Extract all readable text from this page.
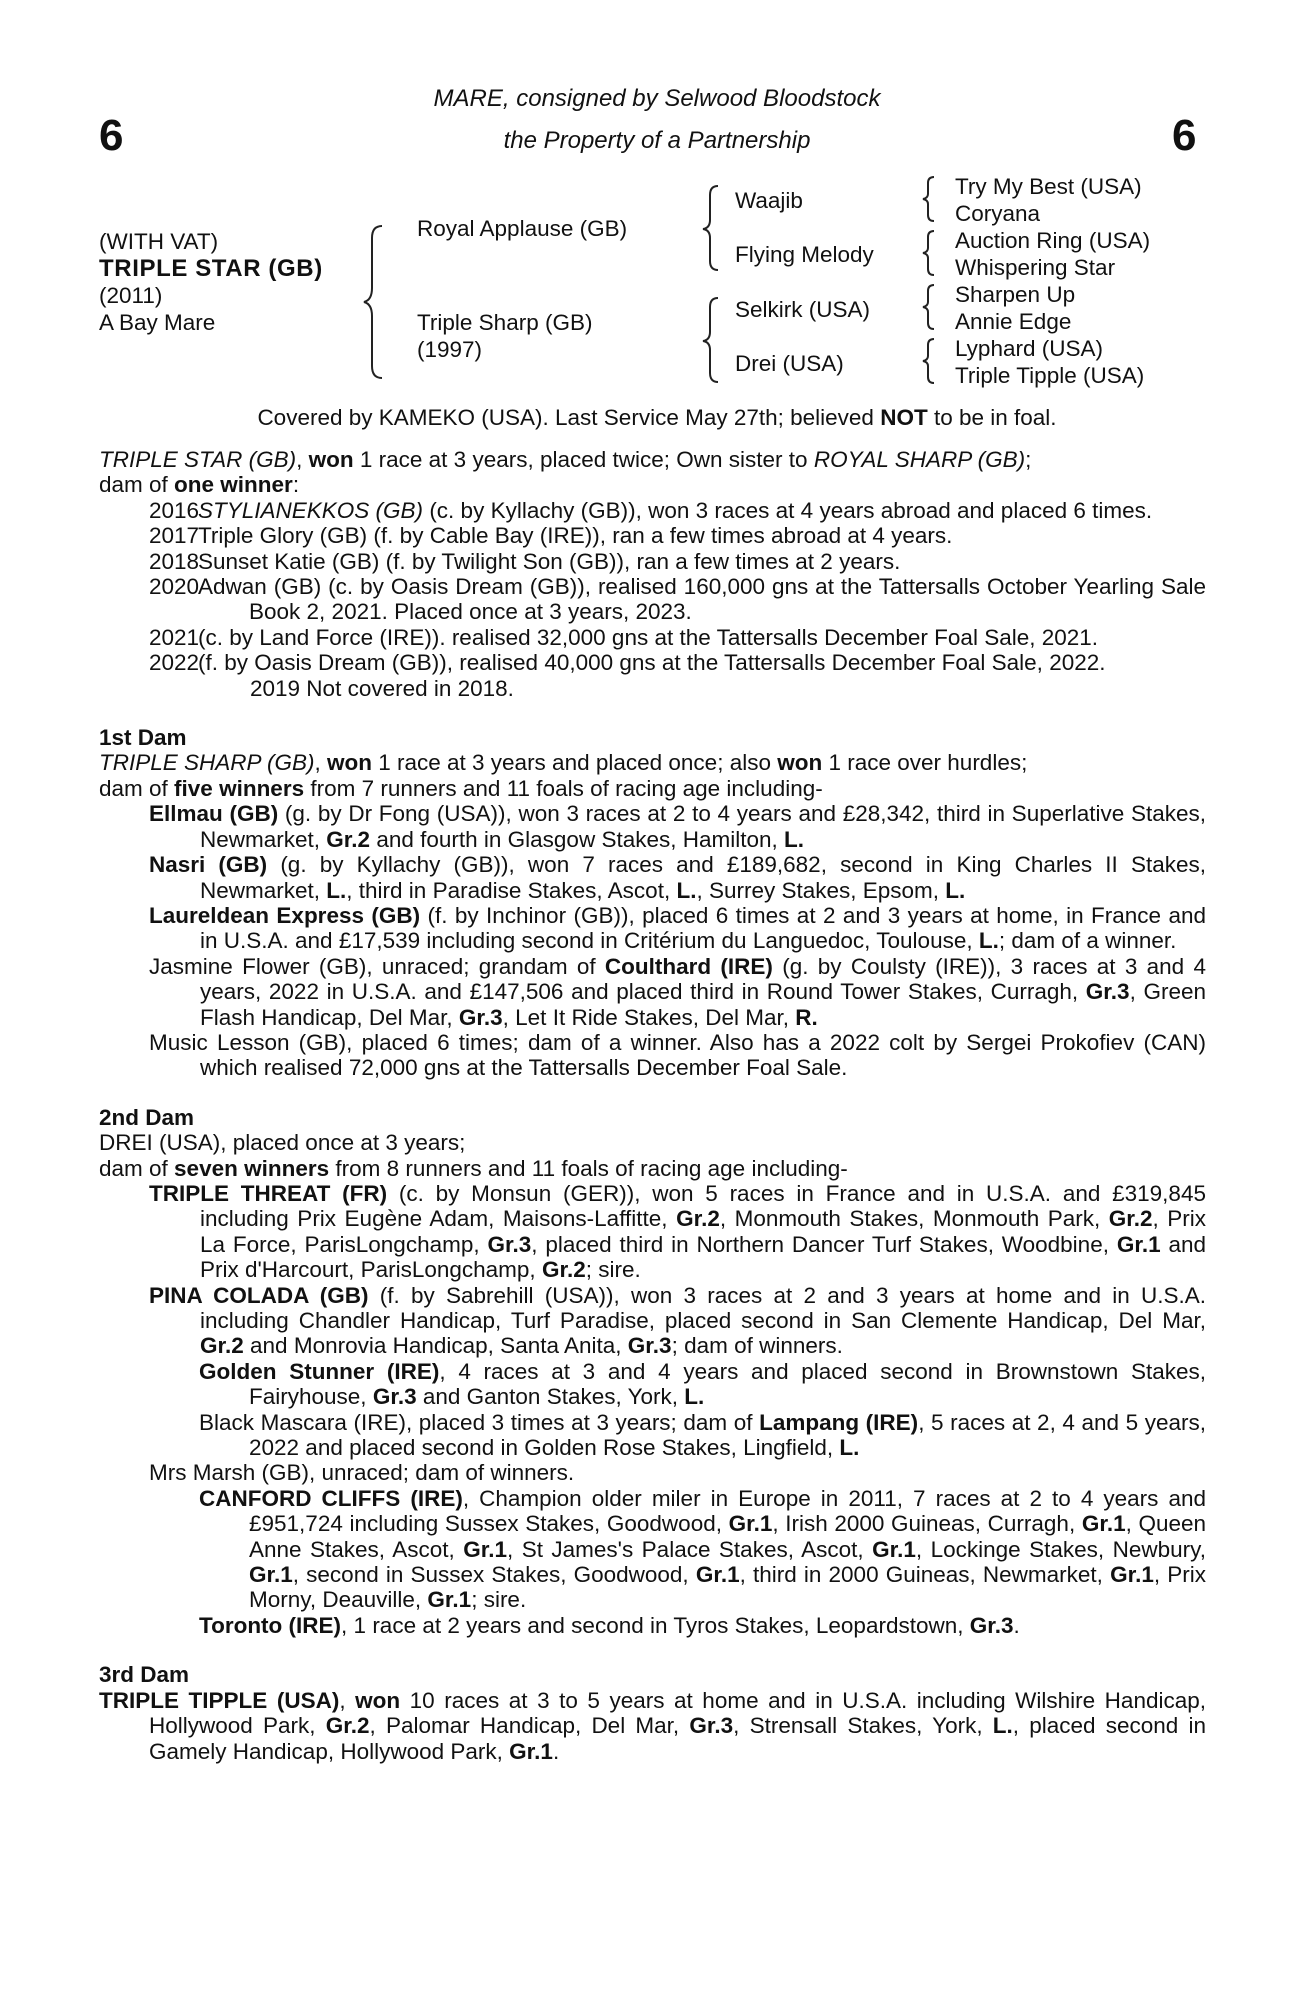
6	6
MARE, consigned by Selwood Bloodstock
the Property of a Partnership
(WITH VAT)
TRIPLE STAR (GB)
(2011)
A Bay Mare
Royal Applause (GB)
Triple Sharp (GB)
(1997)
Waajib
Flying Melody
Selkirk (USA)
Drei (USA)
Try My Best (USA)
Coryana
Auction Ring (USA)
Whispering Star
Sharpen Up
Annie Edge
Lyphard (USA)
Triple Tipple (USA)
Covered by KAMEKO (USA). Last Service May 27th; believed NOT to be in foal.

TRIPLE STAR (GB), won 1 race at 3 years, placed twice; Own sister to ROYAL SHARP (GB);

dam of one winner:

2016
STYLIANEKKOS (GB) (c. by Kyllachy (GB)), won 3 races at 4 years abroad and placed 6 times.
2017
Triple Glory (GB) (f. by Cable Bay (IRE)), ran a few times abroad at 4 years.
2018
Sunset Katie (GB) (f. by Twilight Son (GB)), ran a few times at 2 years.
2020
Adwan (GB) (c. by Oasis Dream (GB)), realised 160,000 gns at the Tattersalls October Yearling Sale Book 2, 2021. Placed once at 3 years, 2023.
2021
(c. by Land Force (IRE)). realised 32,000 gns at the Tattersalls December Foal Sale, 2021.
2022
(f. by Oasis Dream (GB)), realised 40,000 gns at the Tattersalls December Foal Sale, 2022.

2019 Not covered in 2018.

1st Dam

TRIPLE SHARP (GB), won 1 race at 3 years and placed once; also won 1 race over hurdles;

dam of five winners from 7 runners and 11 foals of racing age including-

Ellmau (GB) (g. by Dr Fong (USA)), won 3 races at 2 to 4 years and £28,342, third in Superlative Stakes, Newmarket, Gr.2 and fourth in Glasgow Stakes, Hamilton, L.

Nasri (GB) (g. by Kyllachy (GB)), won 7 races and £189,682, second in King Charles II Stakes, Newmarket, L., third in Paradise Stakes, Ascot, L., Surrey Stakes, Epsom, L.

Laureldean Express (GB) (f. by Inchinor (GB)), placed 6 times at 2 and 3 years at home, in France and in U.S.A. and £17,539 including second in Critérium du Languedoc, Toulouse, L.; dam of a winner.

Jasmine Flower (GB), unraced; grandam of Coulthard (IRE) (g. by Coulsty (IRE)), 3 races at 3 and 4 years, 2022 in U.S.A. and £147,506 and placed third in Round Tower Stakes, Curragh, Gr.3, Green Flash Handicap, Del Mar, Gr.3, Let It Ride Stakes, Del Mar, R.

Music Lesson (GB), placed 6 times; dam of a winner. Also has a 2022 colt by Sergei Prokofiev (CAN) which realised 72,000 gns at the Tattersalls December Foal Sale.

2nd Dam

DREI (USA), placed once at 3 years;

dam of seven winners from 8 runners and 11 foals of racing age including-

TRIPLE THREAT (FR) (c. by Monsun (GER)), won 5 races in France and in U.S.A. and £319,845 including Prix Eugène Adam, Maisons-Laffitte, Gr.2, Monmouth Stakes, Monmouth Park, Gr.2, Prix La Force, ParisLongchamp, Gr.3, placed third in Northern Dancer Turf Stakes, Woodbine, Gr.1 and Prix d'Harcourt, ParisLongchamp, Gr.2; sire.

PINA COLADA (GB) (f. by Sabrehill (USA)), won 3 races at 2 and 3 years at home and in U.S.A. including Chandler Handicap, Turf Paradise, placed second in San Clemente Handicap, Del Mar, Gr.2 and Monrovia Handicap, Santa Anita, Gr.3; dam of winners.

Golden Stunner (IRE), 4 races at 3 and 4 years and placed second in Brownstown Stakes, Fairyhouse, Gr.3 and Ganton Stakes, York, L.

Black Mascara (IRE), placed 3 times at 3 years; dam of Lampang (IRE), 5 races at 2, 4 and 5 years, 2022 and placed second in Golden Rose Stakes, Lingfield, L.

Mrs Marsh (GB), unraced; dam of winners.

CANFORD CLIFFS (IRE), Champion older miler in Europe in 2011, 7 races at 2 to 4 years and £951,724 including Sussex Stakes, Goodwood, Gr.1, Irish 2000 Guineas, Curragh, Gr.1, Queen Anne Stakes, Ascot, Gr.1, St James's Palace Stakes, Ascot, Gr.1, Lockinge Stakes, Newbury, Gr.1, second in Sussex Stakes, Goodwood, Gr.1, third in 2000 Guineas, Newmarket, Gr.1, Prix Morny, Deauville, Gr.1; sire.

Toronto (IRE), 1 race at 2 years and second in Tyros Stakes, Leopardstown, Gr.3.

3rd Dam

TRIPLE TIPPLE (USA), won 10 races at 3 to 5 years at home and in U.S.A. including Wilshire Handicap, Hollywood Park, Gr.2, Palomar Handicap, Del Mar, Gr.3, Strensall Stakes, York, L., placed second in Gamely Handicap, Hollywood Park, Gr.1.
